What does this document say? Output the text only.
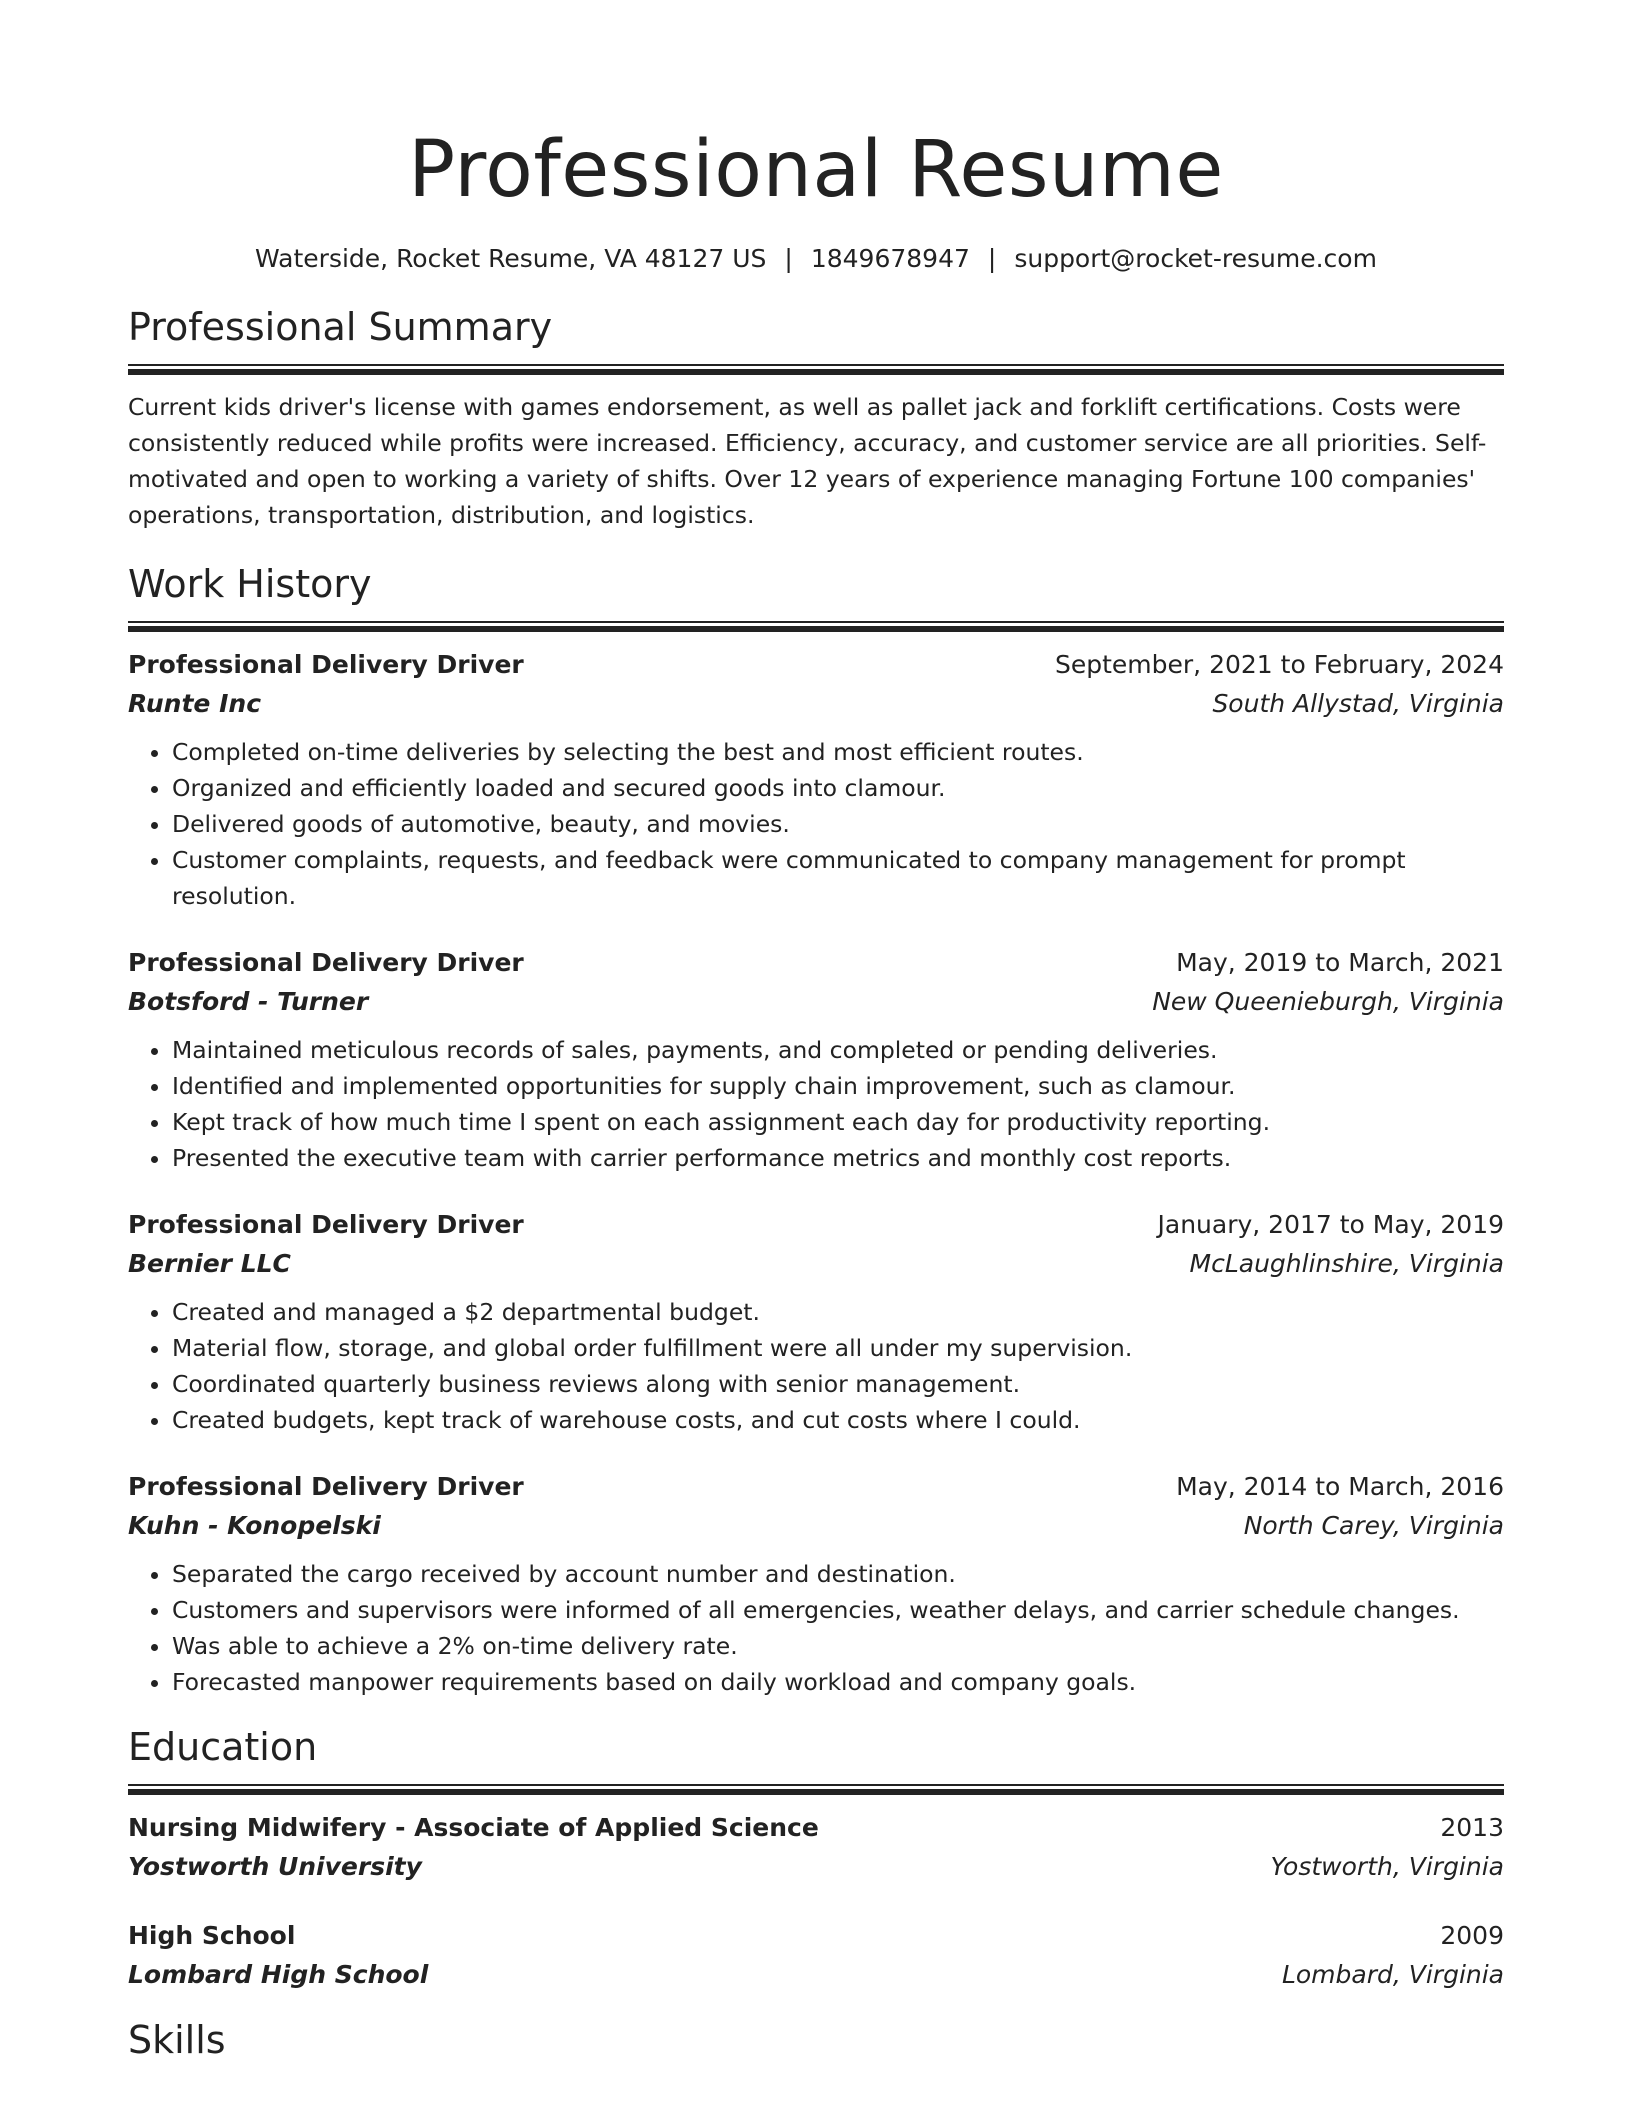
Professional Resume
Waterside, Rocket Resume, VA 48127 US | 1849678947 | support@rocket-resume.com
Professional Summary
Current kids driver's license with games endorsement, as well as pallet jack and forklift certifications. Costs were consistently reduced while profits were increased. Efficiency, accuracy, and customer service are all priorities. Self-motivated and open to working a variety of shifts. Over 12 years of experience managing Fortune 100 companies' operations, transportation, distribution, and logistics.
Work History
Professional Delivery Driver	September, 2021 to February, 2024
Runte Inc	South Allystad, Virginia
• Completed on-time deliveries by selecting the best and most efficient routes.
• Organized and efficiently loaded and secured goods into clamour.
• Delivered goods of automotive, beauty, and movies.
• Customer complaints, requests, and feedback were communicated to company management for prompt resolution.
Professional Delivery Driver	May, 2019 to March, 2021
Botsford - Turner	New Queenieburgh, Virginia
• Maintained meticulous records of sales, payments, and completed or pending deliveries.
• Identified and implemented opportunities for supply chain improvement, such as clamour.
• Kept track of how much time I spent on each assignment each day for productivity reporting.
• Presented the executive team with carrier performance metrics and monthly cost reports.
Professional Delivery Driver	January, 2017 to May, 2019
Bernier LLC	McLaughlinshire, Virginia
• Created and managed a $2 departmental budget.
• Material flow, storage, and global order fulfillment were all under my supervision.
• Coordinated quarterly business reviews along with senior management.
• Created budgets, kept track of warehouse costs, and cut costs where I could.
Professional Delivery Driver	May, 2014 to March, 2016
Kuhn - Konopelski	North Carey, Virginia
• Separated the cargo received by account number and destination.
• Customers and supervisors were informed of all emergencies, weather delays, and carrier schedule changes.
• Was able to achieve a 2% on-time delivery rate.
• Forecasted manpower requirements based on daily workload and company goals.
Education
Nursing Midwifery - Associate of Applied Science	2013
Yostworth University	Yostworth, Virginia
High School	2009
Lombard High School	Lombard, Virginia
Skills
